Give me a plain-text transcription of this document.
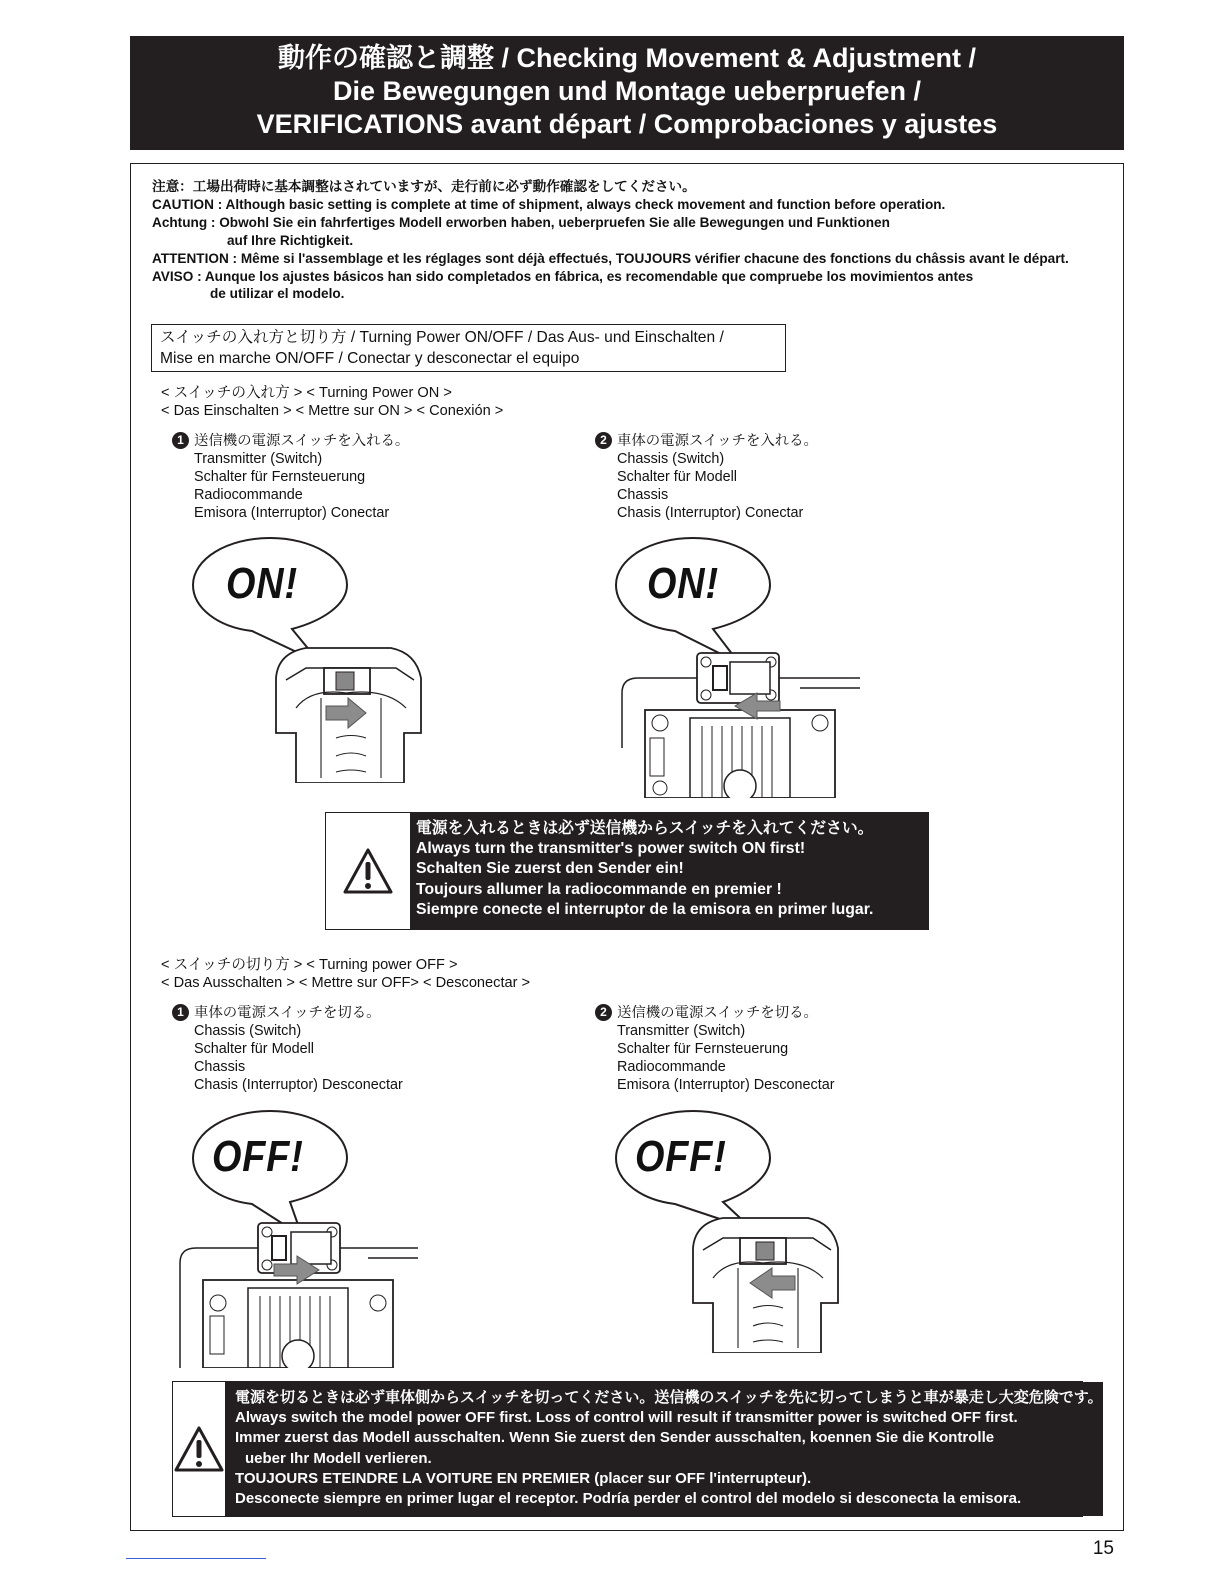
動作の確認と調整 / Checking Movement & Adjustment /
Die Bewegungen und Montage ueberpruefen /
VERIFICATIONS avant départ / Comprobaciones y ajustes
注意：工場出荷時に基本調整はされていますが、走行前に必ず動作確認をしてください。
CAUTION : Although basic setting is complete at time of shipment, always check movement and function before operation.
Achtung : Obwohl Sie ein fahrfertiges Modell erworben haben, ueberpruefen Sie alle Bewegungen und Funktionen
auf Ihre Richtigkeit.
ATTENTION : Même si l'assemblage et les réglages sont déjà effectués, TOUJOURS vérifier chacune des fonctions du châssis avant le départ.
AVISO : Aunque los ajustes básicos han sido completados en fábrica, es recomendable que compruebe los movimientos antes
de utilizar el modelo.
スイッチの入れ方と切り方 / Turning Power ON/OFF / Das Aus- und Einschalten /
Mise en marche ON/OFF / Conectar y desconectar el equipo
< スイッチの入れ方 > < Turning Power ON >
< Das Einschalten > < Mettre sur ON > < Conexión >
1 送信機の電源スイッチを入れる。
Transmitter (Switch)
Schalter für Fernsteuerung
Radiocommande
Emisora (Interruptor) Conectar
2 車体の電源スイッチを入れる。
Chassis (Switch)
Schalter für Modell
Chassis
Chasis (Interruptor) Conectar
ON!	ON!
電源を入れるときは必ず送信機からスイッチを入れてください。
Always turn the transmitter's power switch ON first!
Schalten Sie zuerst den Sender ein!
Toujours allumer la radiocommande en premier !
Siempre conecte el interruptor de la emisora en primer lugar.
< スイッチの切り方 > < Turning power OFF >
< Das Ausschalten > < Mettre sur OFF> < Desconectar >
1 車体の電源スイッチを切る。
Chassis (Switch)
Schalter für Modell
Chassis
Chasis (Interruptor) Desconectar
2 送信機の電源スイッチを切る。
Transmitter (Switch)
Schalter für Fernsteuerung
Radiocommande
Emisora (Interruptor) Desconectar
OFF!	OFF!
電源を切るときは必ず車体側からスイッチを切ってください。送信機のスイッチを先に切ってしまうと車が暴走し大変危険です。
Always switch the model power OFF first. Loss of control will result if transmitter power is switched OFF first.
Immer zuerst das Modell ausschalten. Wenn Sie zuerst den Sender ausschalten, koennen Sie die Kontrolle
ueber Ihr Modell verlieren.
TOUJOURS ETEINDRE LA VOITURE EN PREMIER (placer sur OFF l'interrupteur).
Desconecte siempre en primer lugar el receptor. Podría perder el control del modelo si desconecta la emisora.
15
